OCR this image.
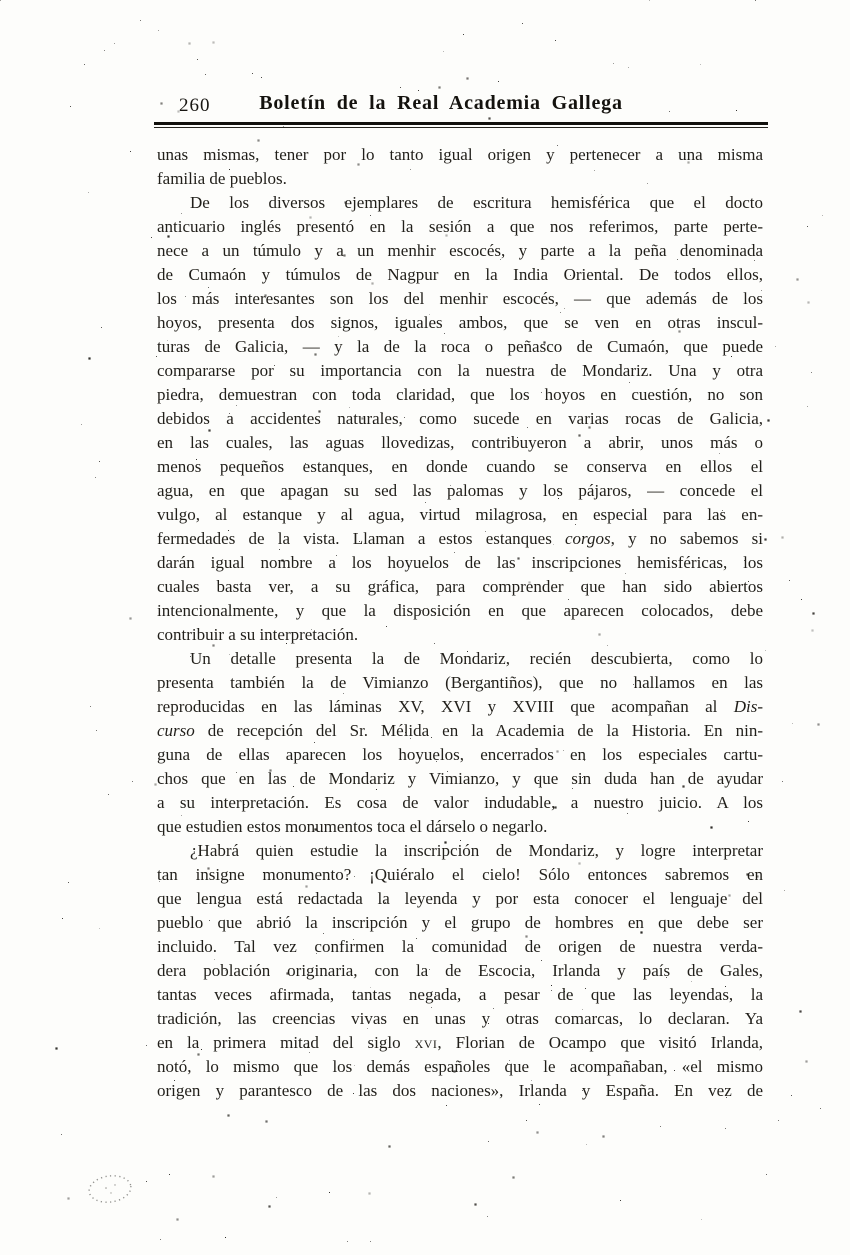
260	Boletín de la Real Academia Gallega
unas mismas, tener por lo tanto igual origen y pertenecer a una misma
familia de pueblos.
De los diversos ejemplares de escritura hemisférica que el docto
anticuario inglés presentó en la sesión a que nos referimos, parte perte-
nece a un túmulo y a un menhir escocés, y parte a la peña denominada
de Cumaón y túmulos de Nagpur en la India Oriental. De todos ellos,
los más interesantes son los del menhir escocés, — que además de los
hoyos, presenta dos signos, iguales ambos, que se ven en otras inscul-
turas de Galicia, — y la de la roca o peñasco de Cumaón, que puede
compararse por su importancia con la nuestra de Mondariz. Una y otra
piedra, demuestran con toda claridad, que los hoyos en cuestión, no son
debidos a accidentes naturales, como sucede en varias rocas de Galicia,
en las cuales, las aguas llovedizas, contribuyeron a abrir, unos más o
menos pequeños estanques, en donde cuando se conserva en ellos el
agua, en que apagan su sed las palomas y los pájaros, — concede el
vulgo, al estanque y al agua, virtud milagrosa, en especial para las en-
fermedades de la vista. Llaman a estos estanques corgos, y no sabemos si
darán igual nombre a los hoyuelos de las inscripciones hemisféricas, los
cuales basta ver, a su gráfica, para comprender que han sido abiertos
intencionalmente, y que la disposición en que aparecen colocados, debe
contribuir a su interpretación.
Un detalle presenta la de Mondariz, recién descubierta, como lo
presenta también la de Vimianzo (Bergantiños), que no hallamos en las
reproducidas en las láminas XV, XVI y XVIII que acompañan al Dis-
curso de recepción del Sr. Mélida en la Academia de la Historia. En nin-
guna de ellas aparecen los hoyuelos, encerrados en los especiales cartu-
chos que en las de Mondariz y Vimianzo, y que sin duda han de ayudar
a su interpretación. Es cosa de valor indudable, a nuestro juicio. A los
que estudien estos monumentos toca el dárselo o negarlo.
¿Habrá quien estudie la inscripción de Mondariz, y logre interpretar
tan insigne monumento? ¡Quiéralo el cielo! Sólo entonces sabremos en
que lengua está redactada la leyenda y por esta conocer el lenguaje del
pueblo que abrió la inscripción y el grupo de hombres en que debe ser
incluido. Tal vez confirmen la comunidad de origen de nuestra verda-
dera población originaria, con la de Escocia, Irlanda y país de Gales,
tantas veces afirmada, tantas negada, a pesar de que las leyendas, la
tradición, las creencias vivas en unas y otras comarcas, lo declaran. Ya
en la primera mitad del siglo xvi, Florian de Ocampo que visitó Irlanda,
notó, lo mismo que los demás españoles que le acompañaban, «el mismo
origen y parantesco de las dos naciones», Irlanda y España. En vez de
